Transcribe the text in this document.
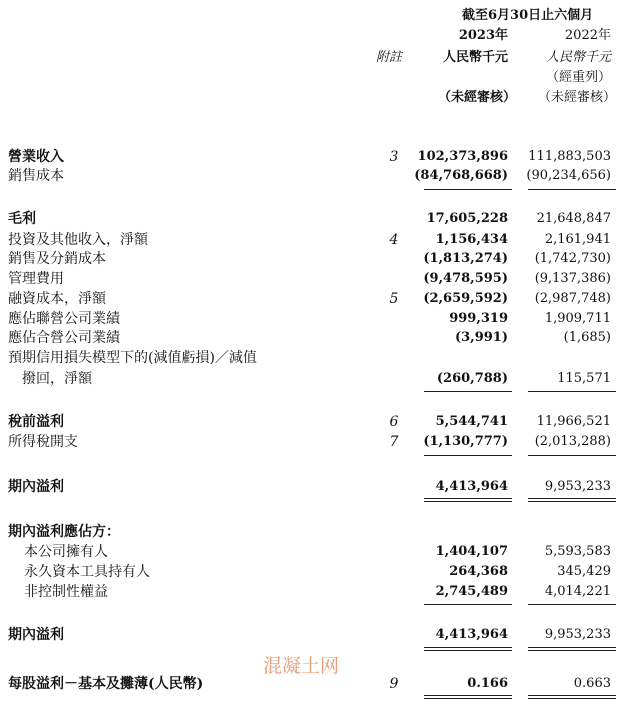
截至6月30日止六個月
2023年	2022年
附註	人民幣千元	人民幣千元
（經重列）
（未經審核） （未經審核）
營業收入	3	102,373,896 111,883,503
銷售成本	(84,768,668) (90,234,656)
毛利	17,605,228 21,648,847
投資及其他收入，淨額	4	1,156,434	2,161,941
銷售及分銷成本	(1,813,274) (1,742,730)
管理費用	(9,478,595) (9,137,386)
融資成本，淨額	5	(2,659,592) (2,987,748)
應佔聯營公司業績	999,319	1,909,711
應佔合營公司業績	(3,991)	(1,685)
預期信用損失模型下的(減值虧損)／減值
撥回，淨額	(260,788)	115,571
稅前溢利	6	5,544,741 11,966,521
所得稅開支	7	(1,130,777) (2,013,288)
期內溢利	4,413,964	9,953,233
期內溢利應佔方：
本公司擁有人	1,404,107	5,593,583
永久資本工具持有人	264,368	345,429
非控制性權益	2,745,489	4,014,221
期內溢利	4,413,964	9,953,233
混凝土网
每股溢利－基本及攤薄(人民幣)	9	0.166	0.663
